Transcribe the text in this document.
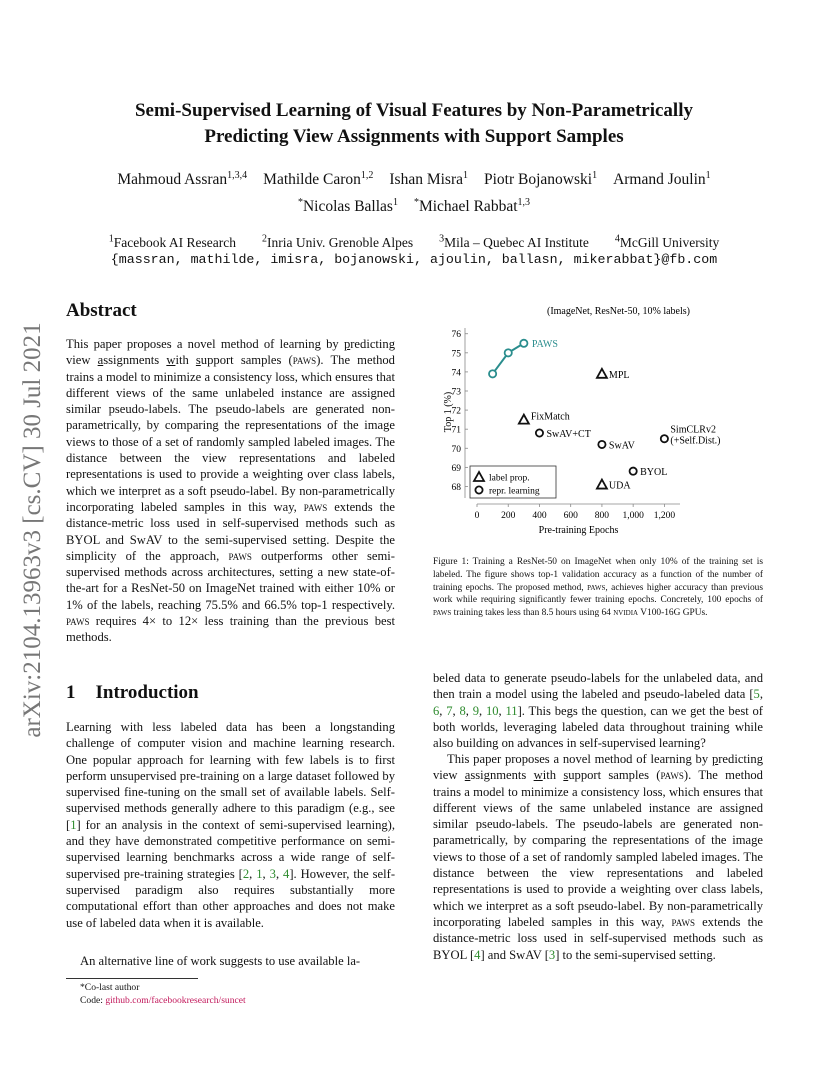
arXiv:2104.13963v3 [cs.CV] 30 Jul 2021
Semi-Supervised Learning of Visual Features by Non-Parametrically
Predicting View Assignments with Support Samples
Mahmoud Assran$^{1,3,4}$ Mathilde Caron$^{1,2}$ Ishan Misra$^1$ Piotr Bojanowski$^1$ Armand Joulin$^1$
*Nicolas Ballas$^1$ *Michael Rabbat$^{1,3}$
$^1$Facebook AI Research	$^2$Inria Univ. Grenoble Alpes	$^3$Mila – Quebec AI Institute	$^4$McGill University
{massran, mathilde, imisra, bojanowski, ajoulin, ballasn, mikerabbat}@fb.com
Abstract
This paper proposes a novel method of learning by predicting view assignments with support samples (paws). The method trains a model to minimize a consistency loss, which ensures that different views of the same unlabeled instance are assigned similar pseudo-labels. The pseudo-labels are generated non-parametrically, by comparing the representations of the image views to those of a set of randomly sampled labeled images. The distance between the view representations and labeled representations is used to provide a weighting over class labels, which we interpret as a soft pseudo-label. By non-parametrically incorporating labeled samples in this way, paws extends the distance-metric loss used in self-supervised methods such as BYOL and SwAV to the semi-supervised setting. Despite the simplicity of the approach, paws outperforms other semi-supervised methods across architectures, setting a new state-of-the-art for a ResNet-50 on ImageNet trained with either 10% or 1% of the labels, reaching 75.5% and 66.5% top-1 respectively. paws requires 4× to 12× less training than the previous best methods.
1 Introduction
Learning with less labeled data has been a longstanding challenge of computer vision and machine learning research. One popular approach for learning with few labels is to first perform unsupervised pre-training on a large dataset followed by supervised fine-tuning on the small set of available labels. Self-supervised methods generally adhere to this paradigm (e.g., see [1] for an analysis in the context of semi-supervised learning), and they have demonstrated competitive performance on semi-supervised learning benchmarks across a wide range of self-supervised pre-training strategies [2, 1, 3, 4]. However, the self-supervised paradigm also requires substantially more computational effort than other approaches and does not make use of labeled data when it is available.
An alternative line of work suggests to use available la-
*Co-last author
Code: github.com/facebookresearch/suncet
(ImageNet, ResNet-50, 10% labels)
0 200 400 600 800 1,000 1,200
68
69
70
71
72
73
74
75
76
Pre-training Epochs
Top 1 (%)
PAWS
MPL
FixMatch
SwAV+CT
SwAV
SimCLRv2
(+Self.Dist.)
BYOL
UDA
label prop.
repr. learning
Figure 1: Training a ResNet-50 on ImageNet when only 10% of the training set is labeled. The figure shows top-1 validation accuracy as a function of the number of training epochs. The proposed method, paws, achieves higher accuracy than previous work while requiring significantly fewer training epochs. Concretely, 100 epochs of paws training takes less than 8.5 hours using 64 nvidia V100-16G GPUs.
beled data to generate pseudo-labels for the unlabeled data, and then train a model using the labeled and pseudo-labeled data [5, 6, 7, 8, 9, 10, 11]. This begs the question, can we get the best of both worlds, leveraging labeled data throughout training while also building on advances in self-supervised learning?
This paper proposes a novel method of learning by predicting view assignments with support samples (paws). The method trains a model to minimize a consistency loss, which ensures that different views of the same unlabeled instance are assigned similar pseudo-labels. The pseudo-labels are generated non-parametrically, by comparing the representations of the image views to those of a set of randomly sampled labeled images. The distance between the view representations and labeled representations is used to provide a weighting over class labels, which we interpret as a soft pseudo-label. By non-parametrically incorporating labeled samples in this way, paws extends the distance-metric loss used in self-supervised methods such as BYOL [4] and SwAV [3] to the semi-supervised setting.
